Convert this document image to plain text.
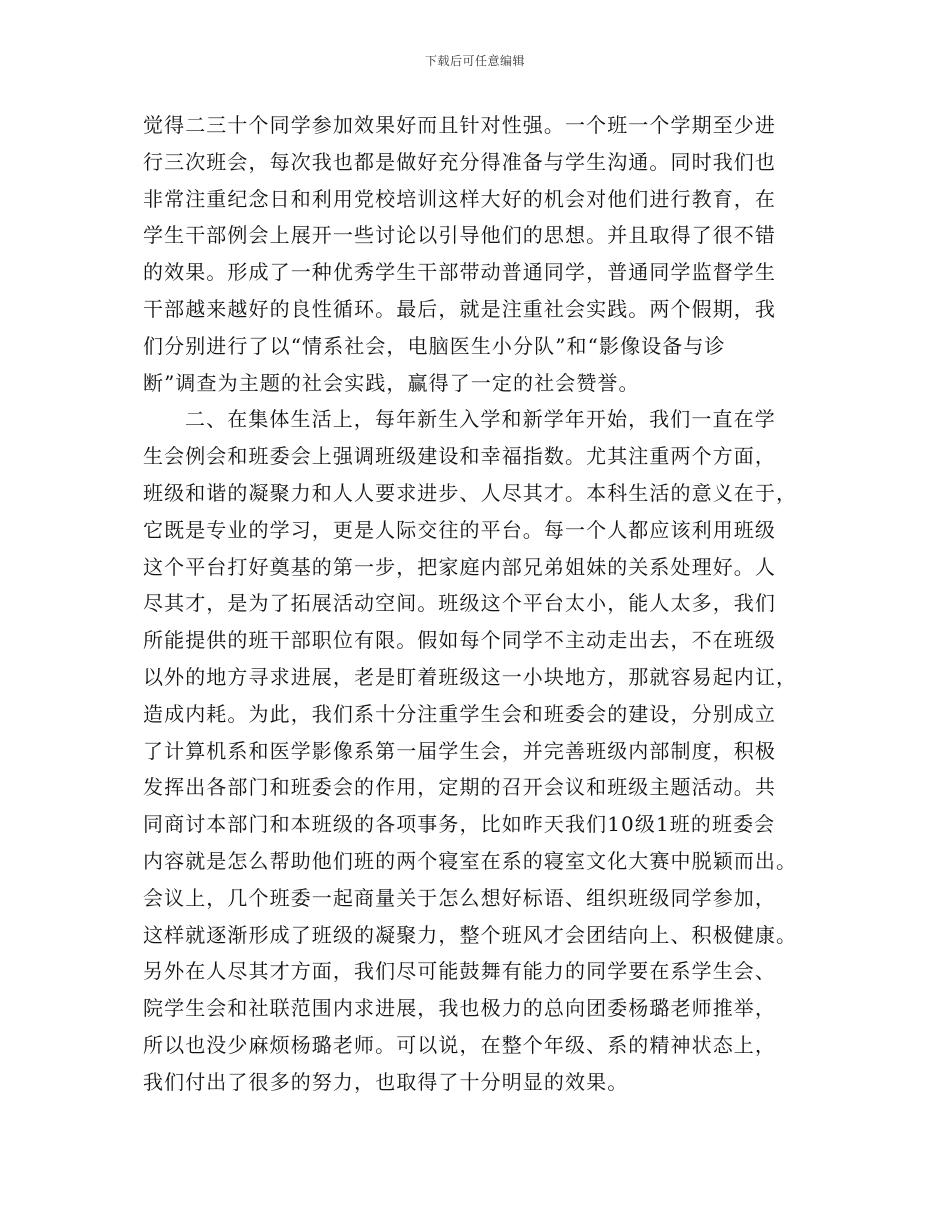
下载后可任意编辑
觉得二三十个同学参加效果好而且针对性强。一个班一个学期至少进
行三次班会，每次我也都是做好充分得准备与学生沟通。同时我们也
非常注重纪念日和利用党校培训这样大好的机会对他们进行教育，在
学生干部例会上展开一些讨论以引导他们的思想。并且取得了很不错
的效果。形成了一种优秀学生干部带动普通同学，普通同学监督学生
干部越来越好的良性循环。最后，就是注重社会实践。两个假期，我
们分别进行了以“情系社会，电脑医生小分队”和“影像设备与诊
断”调查为主题的社会实践，赢得了一定的社会赞誉。
二、在集体生活上，每年新生入学和新学年开始，我们一直在学
生会例会和班委会上强调班级建设和幸福指数。尤其注重两个方面，
班级和谐的凝聚力和人人要求进步、人尽其才。本科生活的意义在于，
它既是专业的学习，更是人际交往的平台。每一个人都应该利用班级
这个平台打好奠基的第一步，把家庭内部兄弟姐妹的关系处理好。人
尽其才，是为了拓展活动空间。班级这个平台太小，能人太多，我们
所能提供的班干部职位有限。假如每个同学不主动走出去，不在班级
以外的地方寻求进展，老是盯着班级这一小块地方，那就容易起内讧，
造成内耗。为此，我们系十分注重学生会和班委会的建设，分别成立
了计算机系和医学影像系第一届学生会，并完善班级内部制度，积极
发挥出各部门和班委会的作用，定期的召开会议和班级主题活动。共
同商讨本部门和本班级的各项事务，比如昨天我们10级1班的班委会
内容就是怎么帮助他们班的两个寝室在系的寝室文化大赛中脱颖而出。
会议上，几个班委一起商量关于怎么想好标语、组织班级同学参加，
这样就逐渐形成了班级的凝聚力，整个班风才会团结向上、积极健康。
另外在人尽其才方面，我们尽可能鼓舞有能力的同学要在系学生会、
院学生会和社联范围内求进展，我也极力的总向团委杨璐老师推举，
所以也没少麻烦杨璐老师。可以说，在整个年级、系的精神状态上，
我们付出了很多的努力，也取得了十分明显的效果。
